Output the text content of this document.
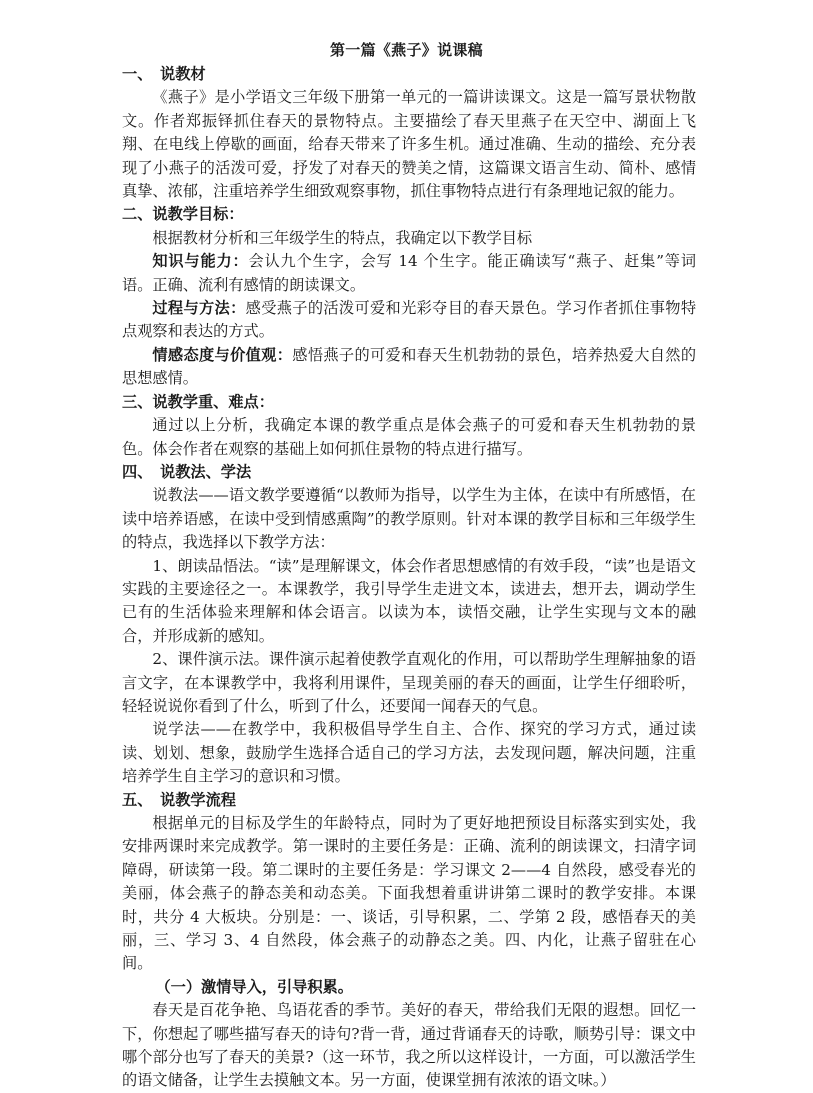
第一篇《燕子》说课稿

一、 说教材

《燕子》是小学语文三年级下册第一单元的一篇讲读课文。这是一篇写景状物散文。作者郑振铎抓住春天的景物特点。主要描绘了春天里燕子在天空中、湖面上飞翔、在电线上停歇的画面，给春天带来了许多生机。通过准确、生动的描绘、充分表现了小燕子的活泼可爱，抒发了对春天的赞美之情，这篇课文语言生动、简朴、感情真挚、浓郁，注重培养学生细致观察事物，抓住事物特点进行有条理地记叙的能力。

二、说教学目标：

根据教材分析和三年级学生的特点，我确定以下教学目标

知识与能力：会认九个生字，会写 14 个生字。能正确读写“燕子、赶集”等词语。正确、流利有感情的朗读课文。

过程与方法：感受燕子的活泼可爱和光彩夺目的春天景色。学习作者抓住事物特点观察和表达的方式。

情感态度与价值观：感悟燕子的可爱和春天生机勃勃的景色，培养热爱大自然的思想感情。

三、说教学重、难点：

通过以上分析，我确定本课的教学重点是体会燕子的可爱和春天生机勃勃的景色。体会作者在观察的基础上如何抓住景物的特点进行描写。

四、 说教法、学法

说教法——语文教学要遵循“以教师为指导，以学生为主体，在读中有所感悟，在读中培养语感，在读中受到情感熏陶”的教学原则。针对本课的教学目标和三年级学生的特点，我选择以下教学方法：

1、朗读品悟法。“读”是理解课文，体会作者思想感情的有效手段，“读”也是语文实践的主要途径之一。本课教学，我引导学生走进文本，读进去，想开去，调动学生已有的生活体验来理解和体会语言。以读为本，读悟交融，让学生实现与文本的融合，并形成新的感知。

2、课件演示法。课件演示起着使教学直观化的作用，可以帮助学生理解抽象的语言文字，在本课教学中，我将利用课件，呈现美丽的春天的画面，让学生仔细聆听，轻轻说说你看到了什么，听到了什么，还要闻一闻春天的气息。

说学法——在教学中，我积极倡导学生自主、合作、探究的学习方式，通过读读、划划、想象，鼓励学生选择合适自己的学习方法，去发现问题，解决问题，注重培养学生自主学习的意识和习惯。

五、 说教学流程

根据单元的目标及学生的年龄特点，同时为了更好地把预设目标落实到实处，我安排两课时来完成教学。第一课时的主要任务是：正确、流利的朗读课文，扫清字词障碍，研读第一段。第二课时的主要任务是：学习课文 2——4 自然段，感受春光的美丽，体会燕子的静态美和动态美。下面我想着重讲讲第二课时的教学安排。本课时，共分 4 大板块。分别是：一、谈话，引导积累，二、学第 2 段，感悟春天的美丽，三、学习 3、4 自然段，体会燕子的动静态之美。四、内化，让燕子留驻在心间。

（一）激情导入，引导积累。

春天是百花争艳、鸟语花香的季节。美好的春天，带给我们无限的遐想。回忆一下，你想起了哪些描写春天的诗句?背一背，通过背诵春天的诗歌，顺势引导：课文中哪个部分也写了春天的美景?（这一环节，我之所以这样设计，一方面，可以激活学生的语文储备，让学生去摸触文本。另一方面，使课堂拥有浓浓的语文味。）
